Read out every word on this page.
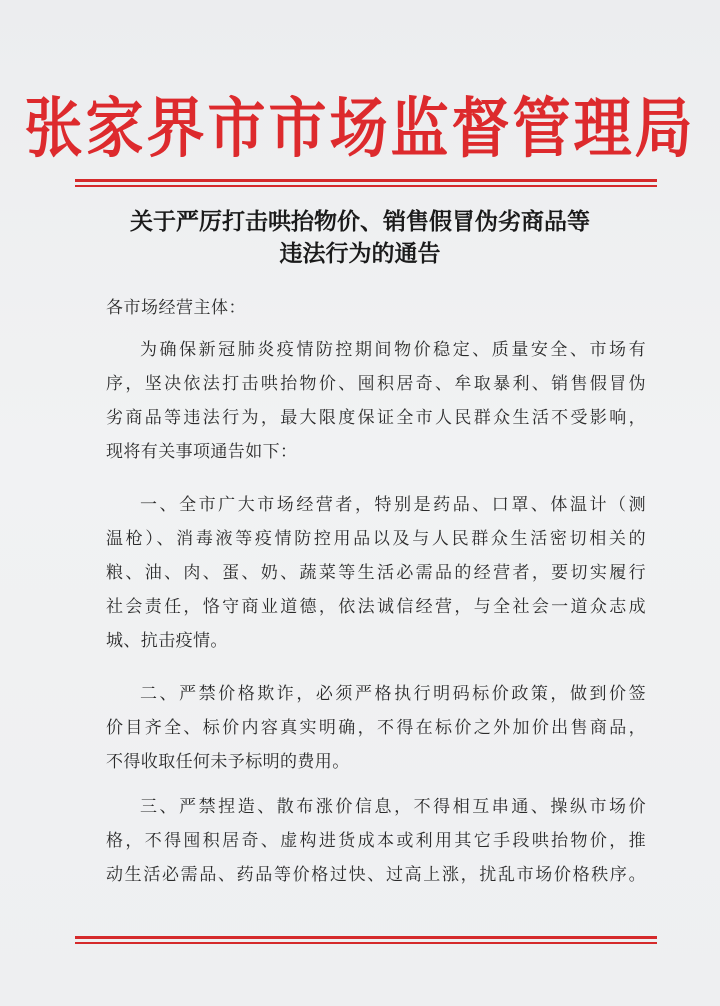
张家界市市场监督管理局
关于严厉打击哄抬物价、销售假冒伪劣商品等
违法行为的通告
各市场经营主体：
为确保新冠肺炎疫情防控期间物价稳定、质量安全、市场有
序，坚决依法打击哄抬物价、囤积居奇、牟取暴利、销售假冒伪
劣商品等违法行为，最大限度保证全市人民群众生活不受影响，
现将有关事项通告如下：
一、全市广大市场经营者，特别是药品、口罩、体温计（测
温枪）、消毒液等疫情防控用品以及与人民群众生活密切相关的
粮、油、肉、蛋、奶、蔬菜等生活必需品的经营者，要切实履行
社会责任，恪守商业道德，依法诚信经营，与全社会一道众志成
城、抗击疫情。
二、严禁价格欺诈，必须严格执行明码标价政策，做到价签
价目齐全、标价内容真实明确，不得在标价之外加价出售商品，
不得收取任何未予标明的费用。
三、严禁捏造、散布涨价信息，不得相互串通、操纵市场价
格，不得囤积居奇、虚构进货成本或利用其它手段哄抬物价，推
动生活必需品、药品等价格过快、过高上涨，扰乱市场价格秩序。
